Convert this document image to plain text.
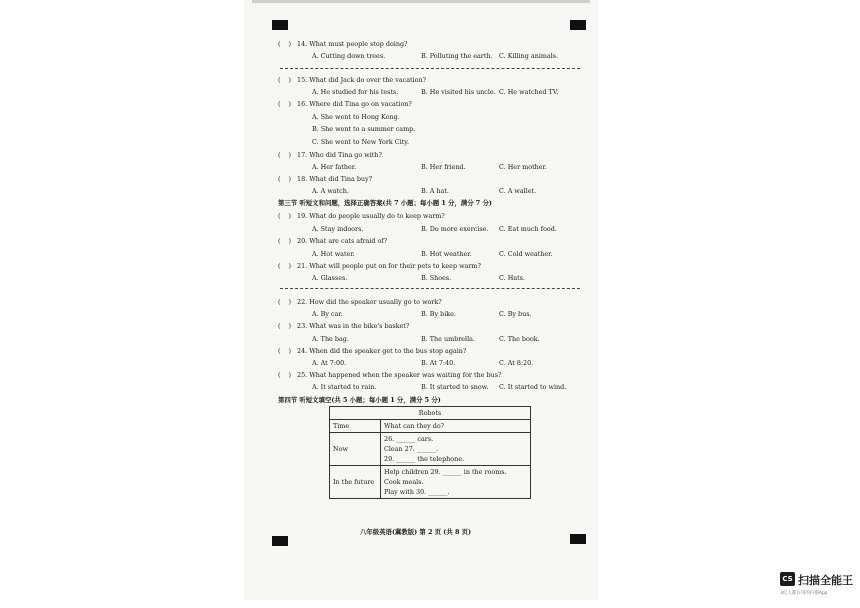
( )14. What must people stop doing?
A. Cutting down trees.	B. Polluting the earth. C. Killing animals.
( )15. What did Jack do over the vacation?
A. He studied for his tests.	B. He visited his uncle. C. He watched TV.
( )16. Where did Tina go on vacation?
A. She went to Hong Kong.
B. She went to a summer camp.
C. She went to New York City.
( )17. Who did Tina go with?
A. Her father.	B. Her friend.	C. Her mother.
( )18. What did Tina buy?
A. A watch.	B. A hat.	C. A wallet.
第三节 听短文和问题，选择正确答案(共 7 小题；每小题 1 分，满分 7 分)
( )19. What do people usually do to keep warm?
A. Stay indoors.	B. Do more exercise. C. Eat much food.
( )20. What are cats afraid of?
A. Hot water.	B. Hot weather.	C. Cold weather.
( )21. What will people put on for their pets to keep warm?
A. Glasses.	B. Shoes.	C. Hats.
( )22. How did the speaker usually go to work?
A. By car.	B. By bike.	C. By bus.
( )23. What was in the bike's basket?
A. The bag.	B. The umbrella.	C. The book.
( )24. When did the speaker get to the bus stop again?
A. At 7:00.	B. At 7:40.	C. At 8:20.
( )25. What happened when the speaker was waiting for the bus?
A. It started to rain.	B. It started to snow. C. It started to wind.
第四节 听短文填空(共 5 小题；每小题 1 分，满分 5 分)
Robots	
Time	What can they do?
Now	26. ______ cars.
Clean 27. ______.
29. ______ the telephone.

In the future	Help children 29. ______ in the rooms.
Cook meals.
Play with 30. ______.
八年级英语(冀教版) 第 2 页 (共 8 页)
CS 扫描全能王
3亿人都在用的扫描App
